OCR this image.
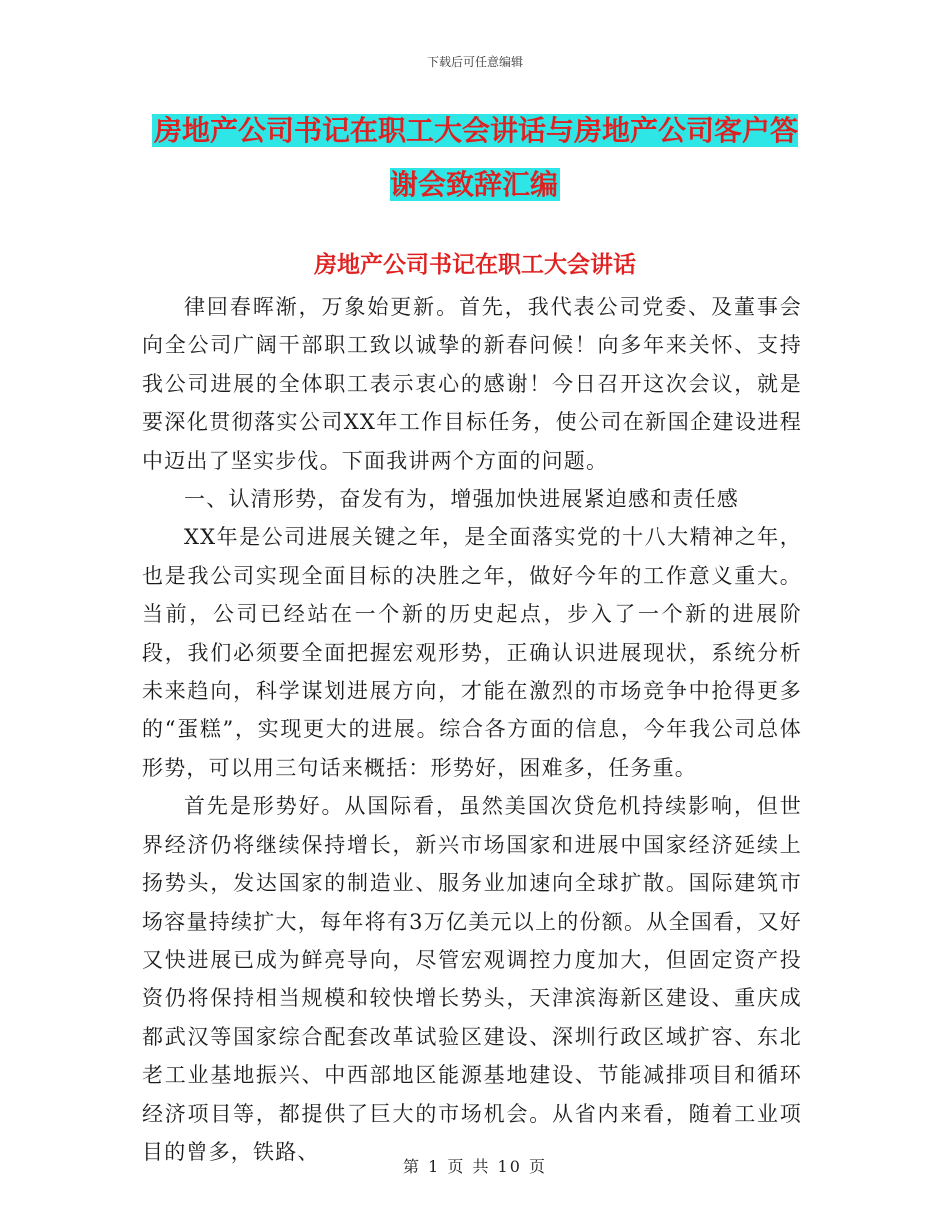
下载后可任意编辑
房地产公司书记在职工大会讲话与房地产公司客户答谢会致辞汇编
房地产公司书记在职工大会讲话

律回春晖渐，万象始更新。首先，我代表公司党委、及董事会向全公司广阔干部职工致以诚挚的新春问候！向多年来关怀、支持我公司进展的全体职工表示衷心的感谢！今日召开这次会议，就是要深化贯彻落实公司XX年工作目标任务，使公司在新国企建设进程中迈出了坚实步伐。下面我讲两个方面的问题。

一、认清形势，奋发有为，增强加快进展紧迫感和责任感

XX年是公司进展关键之年，是全面落实党的十八大精神之年，也是我公司实现全面目标的决胜之年，做好今年的工作意义重大。当前，公司已经站在一个新的历史起点，步入了一个新的进展阶段，我们必须要全面把握宏观形势，正确认识进展现状，系统分析未来趋向，科学谋划进展方向，才能在激烈的市场竞争中抢得更多的“蛋糕”，实现更大的进展。综合各方面的信息，今年我公司总体形势，可以用三句话来概括：形势好，困难多，任务重。

首先是形势好。从国际看，虽然美国次贷危机持续影响，但世界经济仍将继续保持增长，新兴市场国家和进展中国家经济延续上扬势头，发达国家的制造业、服务业加速向全球扩散。国际建筑市场容量持续扩大，每年将有3万亿美元以上的份额。从全国看，又好又快进展已成为鲜亮导向，尽管宏观调控力度加大，但固定资产投资仍将保持相当规模和较快增长势头，天津滨海新区建设、重庆成都武汉等国家综合配套改革试验区建设、深圳行政区域扩容、东北老工业基地振兴、中西部地区能源基地建设、节能减排项目和循环经济项目等，都提供了巨大的市场机会。从省内来看，随着工业项目的曾多，铁路、

第 1 页 共 10 页
